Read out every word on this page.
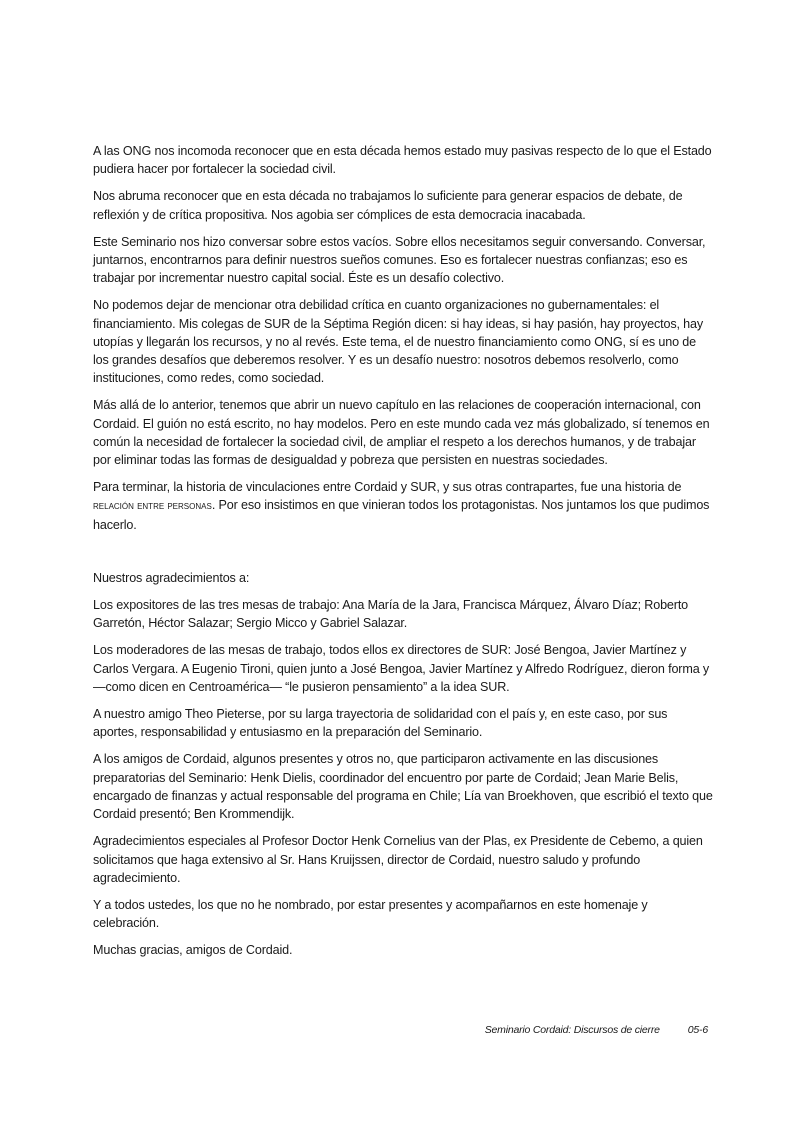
A las ONG nos incomoda reconocer que en esta década hemos estado muy pasivas respecto de lo que el Estado pudiera hacer por fortalecer la sociedad civil.

Nos abruma reconocer que en esta década no trabajamos lo suficiente para generar espacios de debate, de reflexión y de crítica propositiva. Nos agobia ser cómplices de esta democracia inacabada.

Este Seminario nos hizo conversar sobre estos vacíos. Sobre ellos necesitamos seguir conversando. Conversar, juntarnos, encontrarnos para definir nuestros sueños comunes. Eso es fortalecer nuestras confianzas; eso es trabajar por incrementar nuestro capital social. Éste es un desafío colectivo.

No podemos dejar de mencionar otra debilidad crítica en cuanto organizaciones no gubernamentales: el financiamiento. Mis colegas de SUR de la Séptima Región dicen: si hay ideas, si hay pasión, hay proyectos, hay utopías y llegarán los recursos, y no al revés. Este tema, el de nuestro financiamiento como ONG, sí es uno de los grandes desafíos que deberemos resolver. Y es un desafío nuestro: nosotros debemos resolverlo, como instituciones, como redes, como sociedad.

Más allá de lo anterior, tenemos que abrir un nuevo capítulo en las relaciones de cooperación internacional, con Cordaid. El guión no está escrito, no hay modelos. Pero en este mundo cada vez más globalizado, sí tenemos en común la necesidad de fortalecer la sociedad civil, de ampliar el respeto a los derechos humanos, y de trabajar por eliminar todas las formas de desigualdad y pobreza que persisten en nuestras sociedades.

Para terminar, la historia de vinculaciones entre Cordaid y SUR, y sus otras contrapartes, fue una historia de relación entre personas. Por eso insistimos en que vinieran todos los protagonistas. Nos juntamos los que pudimos hacerlo.

Nuestros agradecimientos a:

Los expositores de las tres mesas de trabajo: Ana María de la Jara, Francisca Márquez, Álvaro Díaz; Roberto Garretón, Héctor Salazar; Sergio Micco y Gabriel Salazar.

Los moderadores de las mesas de trabajo, todos ellos ex directores de SUR: José Bengoa, Javier Martínez y Carlos Vergara. A Eugenio Tironi, quien junto a José Bengoa, Javier Martínez y Alfredo Rodríguez, dieron forma y —como dicen en Centroamérica— “le pusieron pensamiento” a la idea SUR.

A nuestro amigo Theo Pieterse, por su larga trayectoria de solidaridad con el país y, en este caso, por sus aportes, responsabilidad y entusiasmo en la preparación del Seminario.

A los amigos de Cordaid, algunos presentes y otros no, que participaron activamente en las discusiones preparatorias del Seminario: Henk Dielis, coordinador del encuentro por parte de Cordaid; Jean Marie Belis, encargado de finanzas y actual responsable del programa en Chile; Lía van Broekhoven, que escribió el texto que Cordaid presentó; Ben Krommendijk.

Agradecimientos especiales al Profesor Doctor Henk Cornelius van der Plas, ex Presidente de Cebemo, a quien solicitamos que haga extensivo al Sr. Hans Kruijssen, director de Cordaid, nuestro saludo y profundo agradecimiento.

Y a todos ustedes, los que no he nombrado, por estar presentes y acompañarnos en este homenaje y celebración.

Muchas gracias, amigos de Cordaid.

Seminario Cordaid: Discursos de cierre	05-6
